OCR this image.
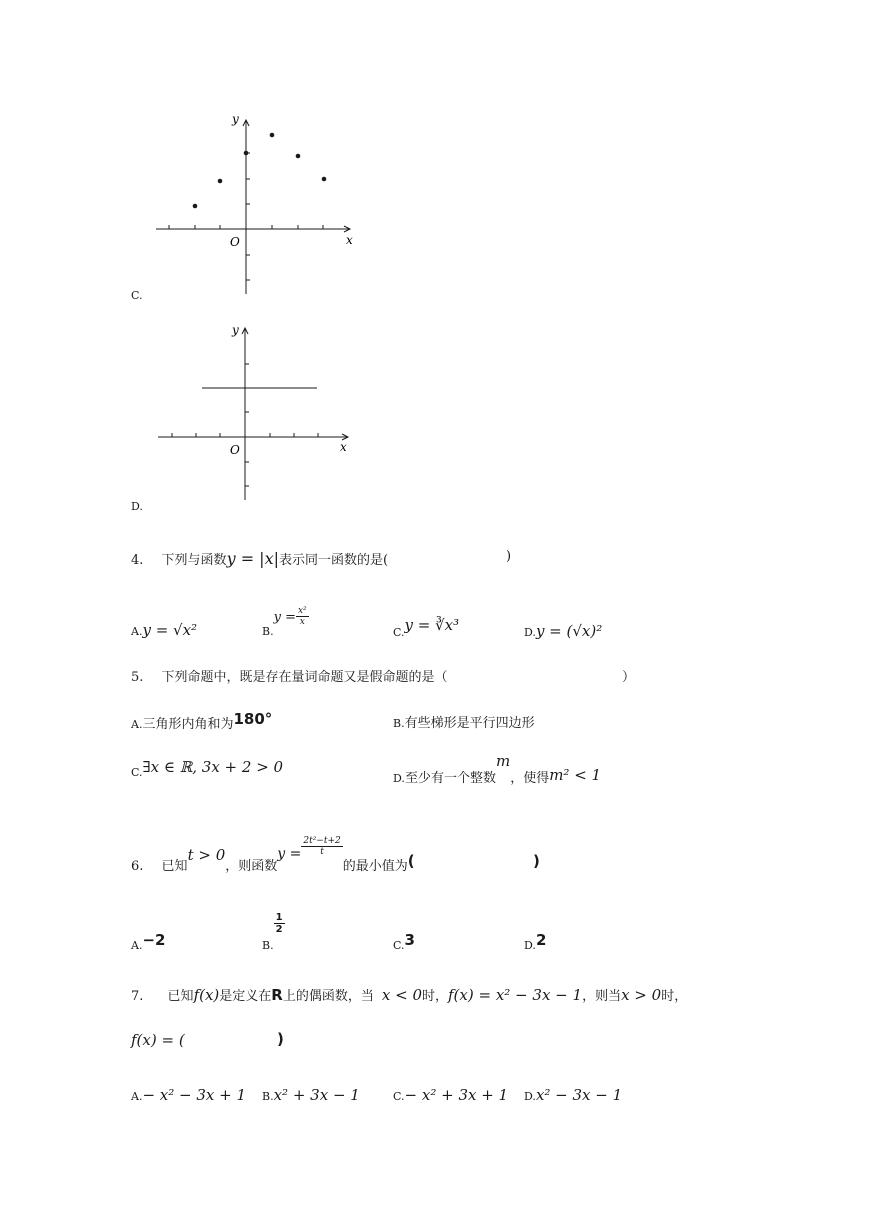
y
x
O
C.
y
x
O
D.
4. 下列与函数y = |x|表示同一函数的是(	)
A.y = √x²	$_{B.}y = \frac{\text{x²}}{x}$
$_{C.}$y = ∛x³	D.y = (√x)²
5. 下列命题中，既是存在量词命题又是假命题的是（	）
A.三角形内角和为180°	B.有些梯形是平行四边形
$_{C.}$∃x ∈ ℝ, 3x + 2 > 0
$_{D.}$至少有一个整数m，使得m² < 1
6. 已知t > 0，则函数$y = \frac{\text{2t²−t+2}}{t}$
的最小值为(	)
$_{A.}$−2	$_{B.}$
$\frac{1}{2}$
$_{C.}$3	$_{D.}$2
7. 已知f(x)是定义在R上的偶函数，当 x < 0时，f(x) = x² − 3x − 1，则当x > 0时，
f(x) = (	)
A.− x² − 3x + 1 B.x² + 3x − 1	C.− x² + 3x + 1 D.x² − 3x − 1
